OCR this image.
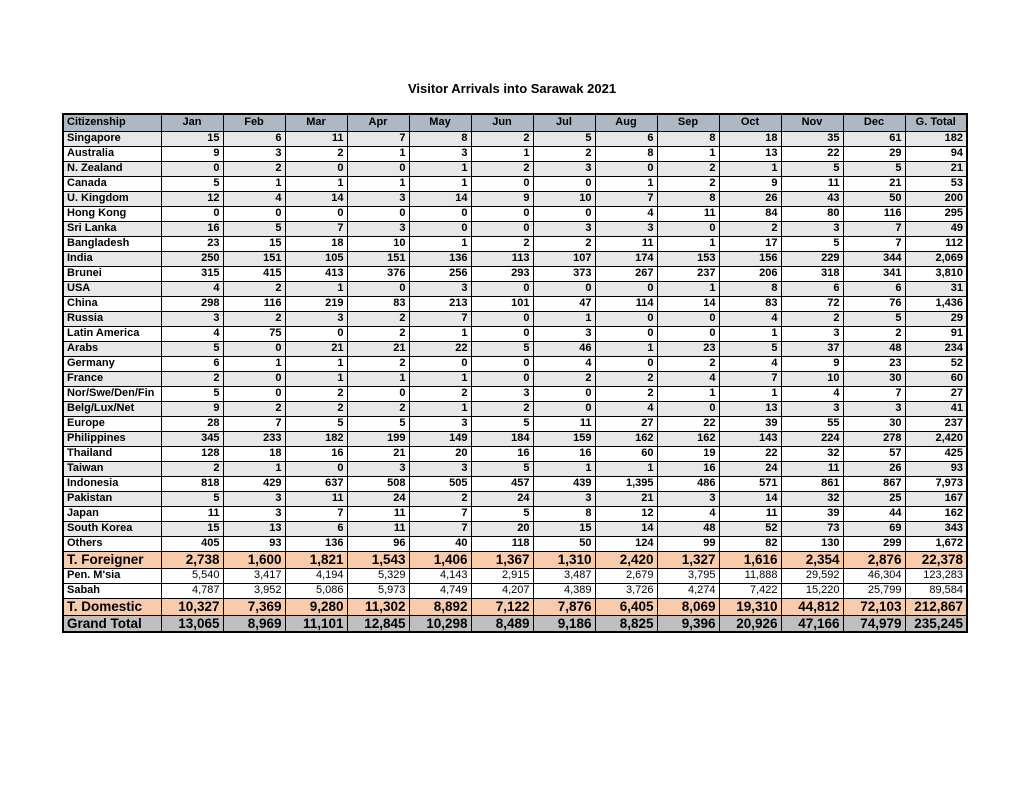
Visitor Arrivals into Sarawak 2021
Citizenship	Jan	Feb	Mar	Apr	May	Jun	Jul	Aug	Sep	Oct	Nov	Dec	G. Total
Singapore	15	6	11	7	8	2	5	6	8	18	35	61	182
Australia	9	3	2	1	3	1	2	8	1	13	22	29	94
N. Zealand	0	2	0	0	1	2	3	0	2	1	5	5	21
Canada	5	1	1	1	1	0	0	1	2	9	11	21	53
U. Kingdom	12	4	14	3	14	9	10	7	8	26	43	50	200
Hong Kong	0	0	0	0	0	0	0	4	11	84	80	116	295
Sri Lanka	16	5	7	3	0	0	3	3	0	2	3	7	49
Bangladesh	23	15	18	10	1	2	2	11	1	17	5	7	112
India	250	151	105	151	136	113	107	174	153	156	229	344	2,069
Brunei	315	415	413	376	256	293	373	267	237	206	318	341	3,810
USA	4	2	1	0	3	0	0	0	1	8	6	6	31
China	298	116	219	83	213	101	47	114	14	83	72	76	1,436
Russia	3	2	3	2	7	0	1	0	0	4	2	5	29
Latin America	4	75	0	2	1	0	3	0	0	1	3	2	91
Arabs	5	0	21	21	22	5	46	1	23	5	37	48	234
Germany	6	1	1	2	0	0	4	0	2	4	9	23	52
France	2	0	1	1	1	0	2	2	4	7	10	30	60
Nor/Swe/Den/Fin	5	0	2	0	2	3	0	2	1	1	4	7	27
Belg/Lux/Net	9	2	2	2	1	2	0	4	0	13	3	3	41
Europe	28	7	5	5	3	5	11	27	22	39	55	30	237
Philippines	345	233	182	199	149	184	159	162	162	143	224	278	2,420
Thailand	128	18	16	21	20	16	16	60	19	22	32	57	425
Taiwan	2	1	0	3	3	5	1	1	16	24	11	26	93
Indonesia	818	429	637	508	505	457	439	1,395	486	571	861	867	7,973
Pakistan	5	3	11	24	2	24	3	21	3	14	32	25	167
Japan	11	3	7	11	7	5	8	12	4	11	39	44	162
South Korea	15	13	6	11	7	20	15	14	48	52	73	69	343
Others	405	93	136	96	40	118	50	124	99	82	130	299	1,672
T. Foreigner	2,738	1,600	1,821	1,543	1,406	1,367	1,310	2,420	1,327	1,616	2,354	2,876	22,378
Pen. M'sia	5,540	3,417	4,194	5,329	4,143	2,915	3,487	2,679	3,795	11,888	29,592	46,304	123,283
Sabah	4,787	3,952	5,086	5,973	4,749	4,207	4,389	3,726	4,274	7,422	15,220	25,799	89,584
T. Domestic	10,327	7,369	9,280	11,302	8,892	7,122	7,876	6,405	8,069	19,310	44,812	72,103	212,867
Grand Total	13,065	8,969	11,101	12,845	10,298	8,489	9,186	8,825	9,396	20,926	47,166	74,979	235,245
